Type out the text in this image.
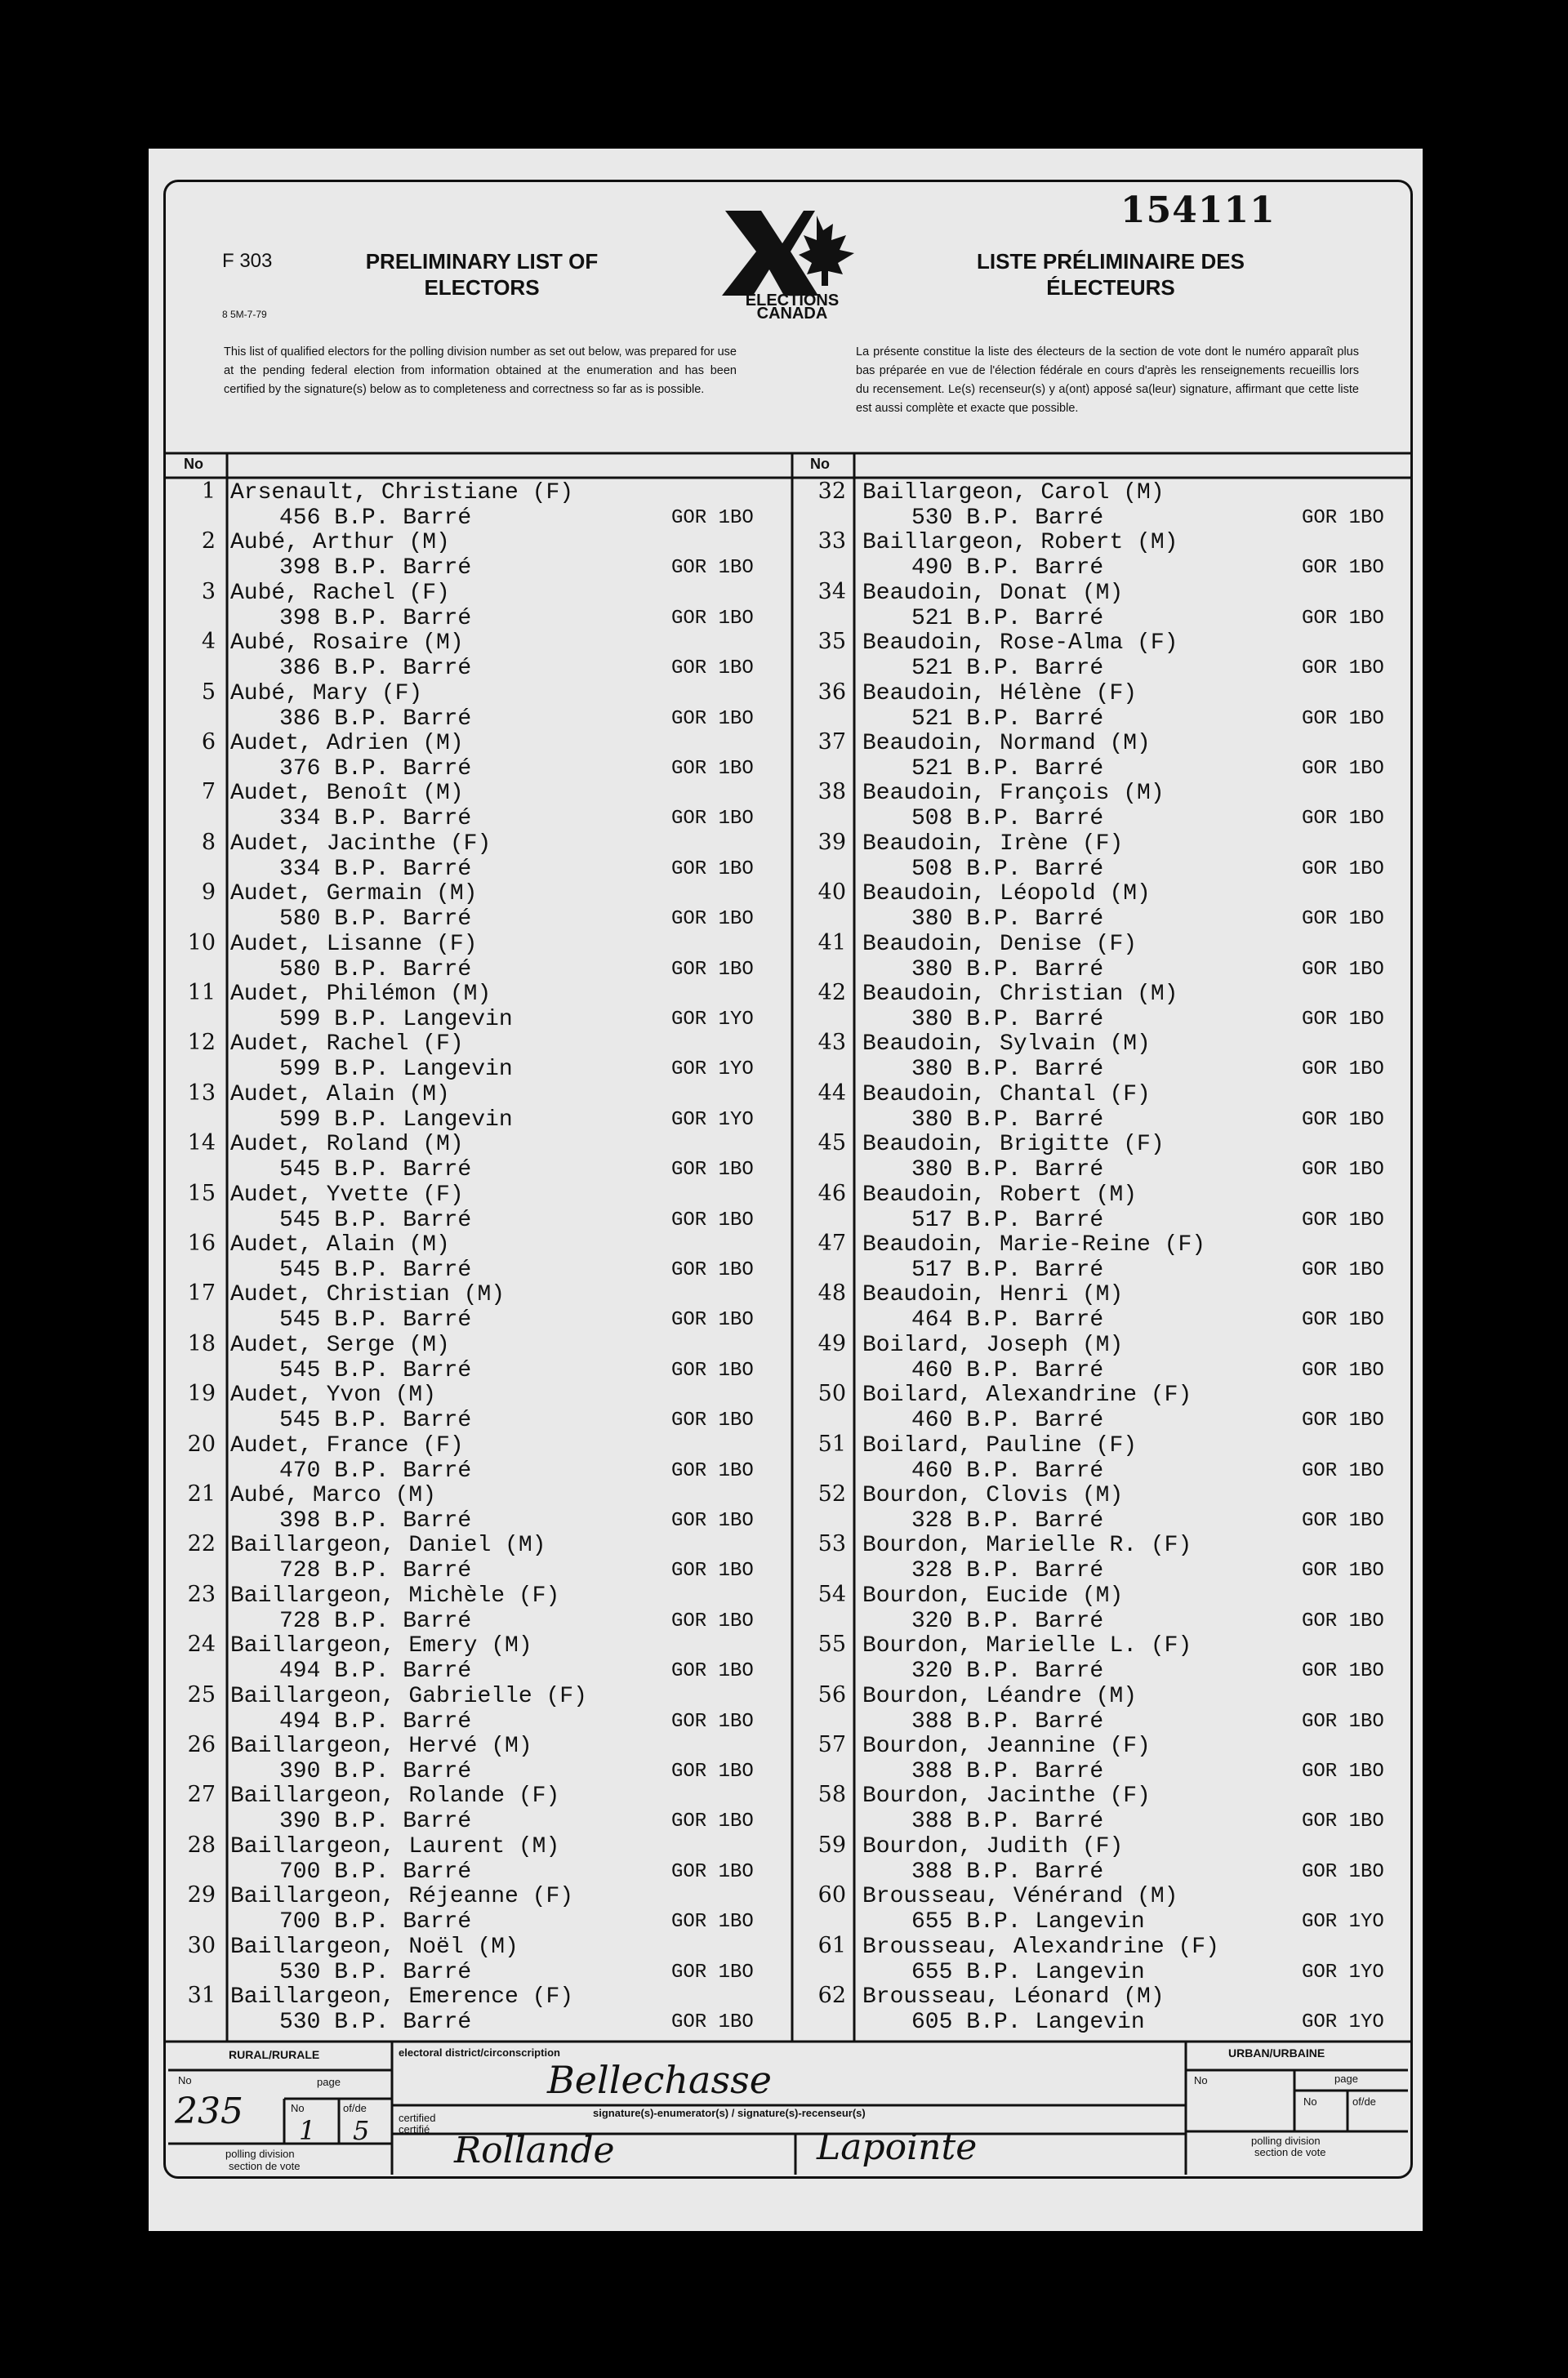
154111
F 303
8 5M-7-79
PRELIMINARY LIST OF
ELECTORS
ELECTIONS
CANADA
LISTE PRÉLIMINAIRE DES
ÉLECTEURS
This list of qualified electors for the polling division number as set out below, was prepared for use at the pending federal election from information obtained at the enumeration and has been certified by the signature(s) below as to completeness and correctness so far as is possible.
La présente constitue la liste des électeurs de la section de vote dont le numéro apparaît plus bas préparée en vue de l'élection fédérale en cours d'après les renseignements recueillis lors du recensement. Le(s) recenseur(s) y a(ont) apposé sa(leur) signature, affirmant que cette liste est aussi complète et exacte que possible.
No	No
1 Arsenault, Christiane (F)
456 B.P. Barré	GOR 1BO
2 Aubé, Arthur (M)
398 B.P. Barré	GOR 1BO
3 Aubé, Rachel (F)
398 B.P. Barré	GOR 1BO
4 Aubé, Rosaire (M)
386 B.P. Barré	GOR 1BO
5 Aubé, Mary (F)
386 B.P. Barré	GOR 1BO
6 Audet, Adrien (M)
376 B.P. Barré	GOR 1BO
7 Audet, Benoît (M)
334 B.P. Barré	GOR 1BO
8 Audet, Jacinthe (F)
334 B.P. Barré	GOR 1BO
9 Audet, Germain (M)
580 B.P. Barré	GOR 1BO
10 Audet, Lisanne (F)
580 B.P. Barré	GOR 1BO
11 Audet, Philémon (M)
599 B.P. Langevin	GOR 1YO
12 Audet, Rachel (F)
599 B.P. Langevin	GOR 1YO
13 Audet, Alain (M)
599 B.P. Langevin	GOR 1YO
14 Audet, Roland (M)
545 B.P. Barré	GOR 1BO
15 Audet, Yvette (F)
545 B.P. Barré	GOR 1BO
16 Audet, Alain (M)
545 B.P. Barré	GOR 1BO
17 Audet, Christian (M)
545 B.P. Barré	GOR 1BO
18 Audet, Serge (M)
545 B.P. Barré	GOR 1BO
19 Audet, Yvon (M)
545 B.P. Barré	GOR 1BO
20 Audet, France (F)
470 B.P. Barré	GOR 1BO
21 Aubé, Marco (M)
398 B.P. Barré	GOR 1BO
22 Baillargeon, Daniel (M)
728 B.P. Barré	GOR 1BO
23 Baillargeon, Michèle (F)
728 B.P. Barré	GOR 1BO
24 Baillargeon, Emery (M)
494 B.P. Barré	GOR 1BO
25 Baillargeon, Gabrielle (F)
494 B.P. Barré	GOR 1BO
26 Baillargeon, Hervé (M)
390 B.P. Barré	GOR 1BO
27 Baillargeon, Rolande (F)
390 B.P. Barré	GOR 1BO
28 Baillargeon, Laurent (M)
700 B.P. Barré	GOR 1BO
29 Baillargeon, Réjeanne (F)
700 B.P. Barré	GOR 1BO
30 Baillargeon, Noël (M)
530 B.P. Barré	GOR 1BO
31 Baillargeon, Emerence (F)
530 B.P. Barré	GOR 1BO
32 Baillargeon, Carol (M)
530 B.P. Barré	GOR 1BO
33 Baillargeon, Robert (M)
490 B.P. Barré	GOR 1BO
34 Beaudoin, Donat (M)
521 B.P. Barré	GOR 1BO
35 Beaudoin, Rose-Alma (F)
521 B.P. Barré	GOR 1BO
36 Beaudoin, Hélène (F)
521 B.P. Barré	GOR 1BO
37 Beaudoin, Normand (M)
521 B.P. Barré	GOR 1BO
38 Beaudoin, François (M)
508 B.P. Barré	GOR 1BO
39 Beaudoin, Irène (F)
508 B.P. Barré	GOR 1BO
40 Beaudoin, Léopold (M)
380 B.P. Barré	GOR 1BO
41 Beaudoin, Denise (F)
380 B.P. Barré	GOR 1BO
42 Beaudoin, Christian (M)
380 B.P. Barré	GOR 1BO
43 Beaudoin, Sylvain (M)
380 B.P. Barré	GOR 1BO
44 Beaudoin, Chantal (F)
380 B.P. Barré	GOR 1BO
45 Beaudoin, Brigitte (F)
380 B.P. Barré	GOR 1BO
46 Beaudoin, Robert (M)
517 B.P. Barré	GOR 1BO
47 Beaudoin, Marie-Reine (F)
517 B.P. Barré	GOR 1BO
48 Beaudoin, Henri (M)
464 B.P. Barré	GOR 1BO
49 Boilard, Joseph (M)
460 B.P. Barré	GOR 1BO
50 Boilard, Alexandrine (F)
460 B.P. Barré	GOR 1BO
51 Boilard, Pauline (F)
460 B.P. Barré	GOR 1BO
52 Bourdon, Clovis (M)
328 B.P. Barré	GOR 1BO
53 Bourdon, Marielle R. (F)
328 B.P. Barré	GOR 1BO
54 Bourdon, Eucide (M)
320 B.P. Barré	GOR 1BO
55 Bourdon, Marielle L. (F)
320 B.P. Barré	GOR 1BO
56 Bourdon, Léandre (M)
388 B.P. Barré	GOR 1BO
57 Bourdon, Jeannine (F)
388 B.P. Barré	GOR 1BO
58 Bourdon, Jacinthe (F)
388 B.P. Barré	GOR 1BO
59 Bourdon, Judith (F)
388 B.P. Barré	GOR 1BO
60 Brousseau, Vénérand (M)
655 B.P. Langevin	GOR 1YO
61 Brousseau, Alexandrine (F)
655 B.P. Langevin	GOR 1YO
62 Brousseau, Léonard (M)
605 B.P. Langevin	GOR 1YO
RURAL/RURALE
No	page
No	of/de
polling division
section de vote
235 1 5
electoral district/circonscription
Bellechasse
certified
certifié
signature(s)-enumerator(s) / signature(s)-recenseur(s)
Rollande	Lapointe
URBAN/URBAINE
No	page
No	of/de
polling division
section de vote
